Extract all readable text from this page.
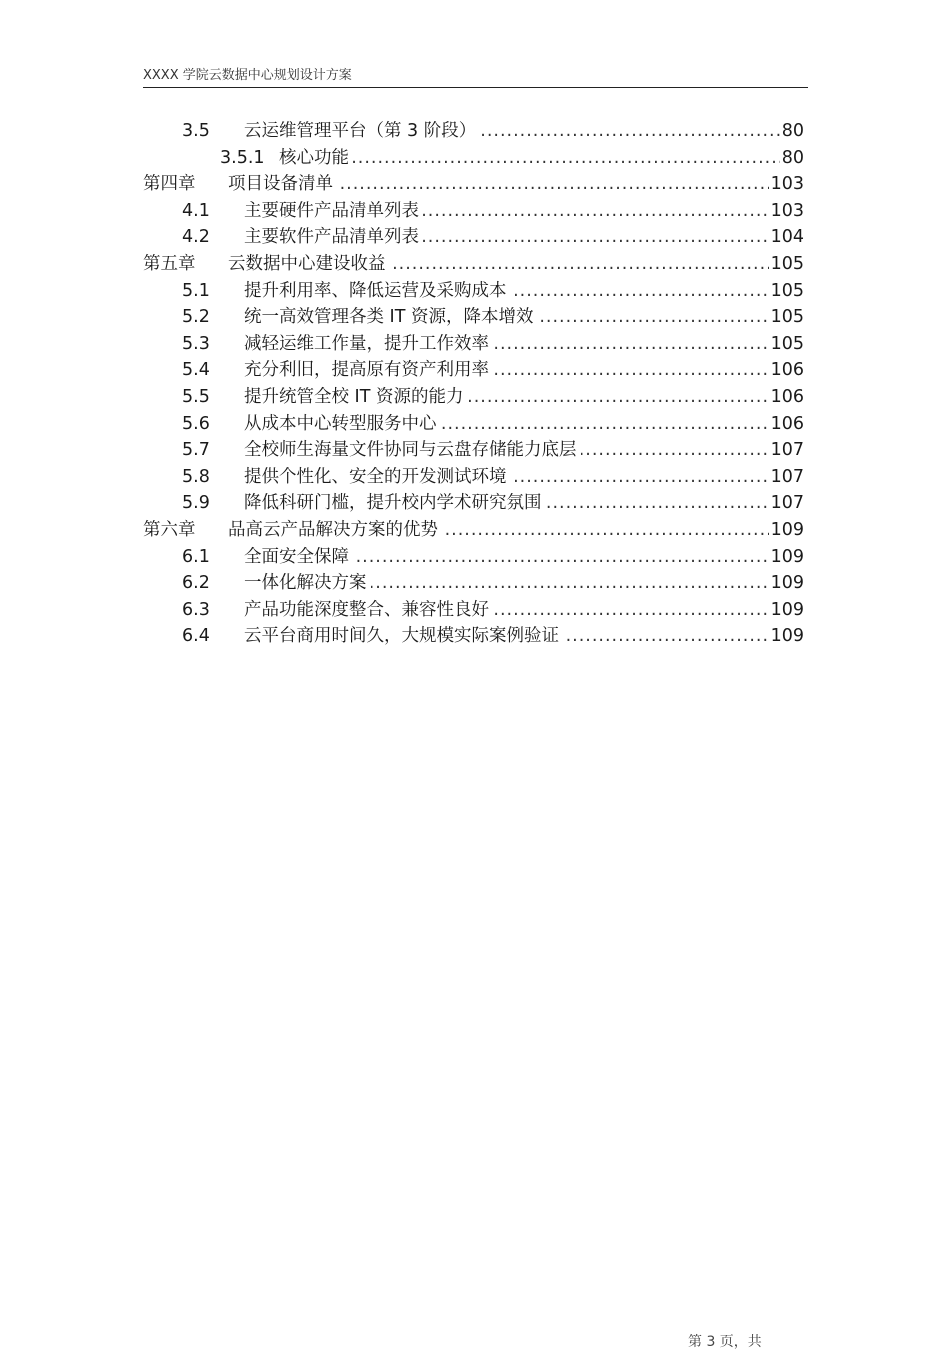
XXXX 学院云数据中心规划设计方案
.....
3.5 云运维管理平台（第 3 阶段）	80
.....
3.5.1 核心功能	80
.....
第四章 项目设备清单	103
.....
4.1 主要硬件产品清单列表	103
.....
4.2 主要软件产品清单列表	104
.....
第五章 云数据中心建设收益	105
.....
5.1 提升利用率、降低运营及采购成本	105
.....
5.2 统一高效管理各类 IT 资源，降本增效	105
.....
5.3 减轻运维工作量，提升工作效率	105
.....
5.4 充分利旧，提高原有资产利用率	106
.....
5.5 提升统管全校 IT 资源的能力	106
.....
5.6 从成本中心转型服务中心	106
.....
5.7 全校师生海量文件协同与云盘存储能力底层	107
.....
5.8 提供个性化、安全的开发测试环境	107
.....
5.9 降低科研门槛，提升校内学术研究氛围	107
.....
第六章 品高云产品解决方案的优势	109
.....
6.1 全面安全保障	109
.....
6.2 一体化解决方案	109
.....
6.3 产品功能深度整合、兼容性良好	109
.....
6.4 云平台商用时间久，大规模实际案例验证	109
第 3 页，共
